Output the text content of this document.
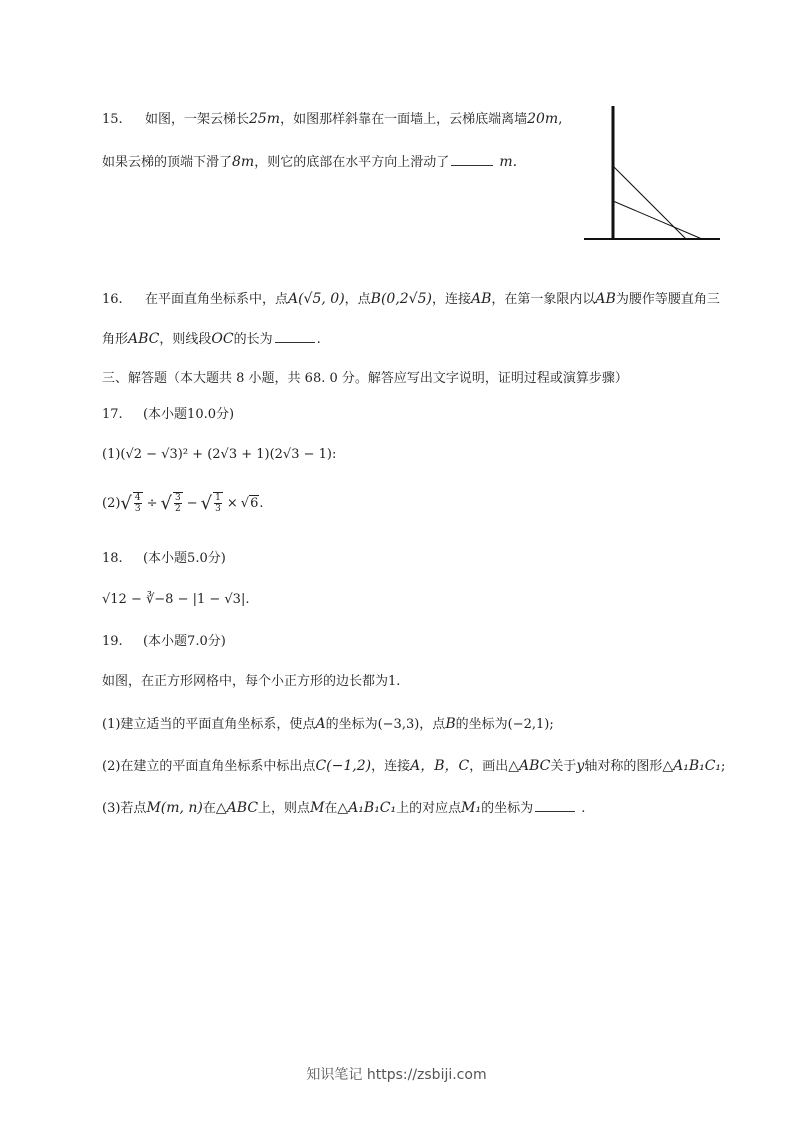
15. 如图，一架云梯长25m，如图那样斜靠在一面墙上，云梯底端离墙20m,
如果云梯的顶端下滑了8m，则它的底部在水平方向上滑动了	m.
16. 在平面直角坐标系中，点A(√5, 0)，点B(0,2√5)，连接AB，在第一象限内以AB为腰作等腰直角三
角形ABC，则线段OC的长为	.
三、解答题（本大题共 8 小题，共 68. 0 分。解答应写出文字说明，证明过程或演算步骤）
17. (本小题10.0分)
(1)(√2 − √3)² + (2√3 + 1)(2√3 − 1):
(2) √ $\frac{4}{3}$ ÷ √ $\frac{3}{2}$ − √ $\frac{1}{3}$ × √ 6 .
18. (本小题5.0分)
√12 − ∛−8 − |1 − √3|.
19. (本小题7.0分)
如图，在正方形网格中，每个小正方形的边长都为1.
(1)建立适当的平面直角坐标系，使点A的坐标为(−3,3)，点B的坐标为(−2,1);
(2)在建立的平面直角坐标系中标出点C(−1,2)，连接A，B，C，画出△ABC关于y轴对称的图形△A₁B₁C₁;
(3)若点M(m, n)在△ABC上，则点M在△A₁B₁C₁上的对应点M₁的坐标为	.
知识笔记 https://zsbiji.com
